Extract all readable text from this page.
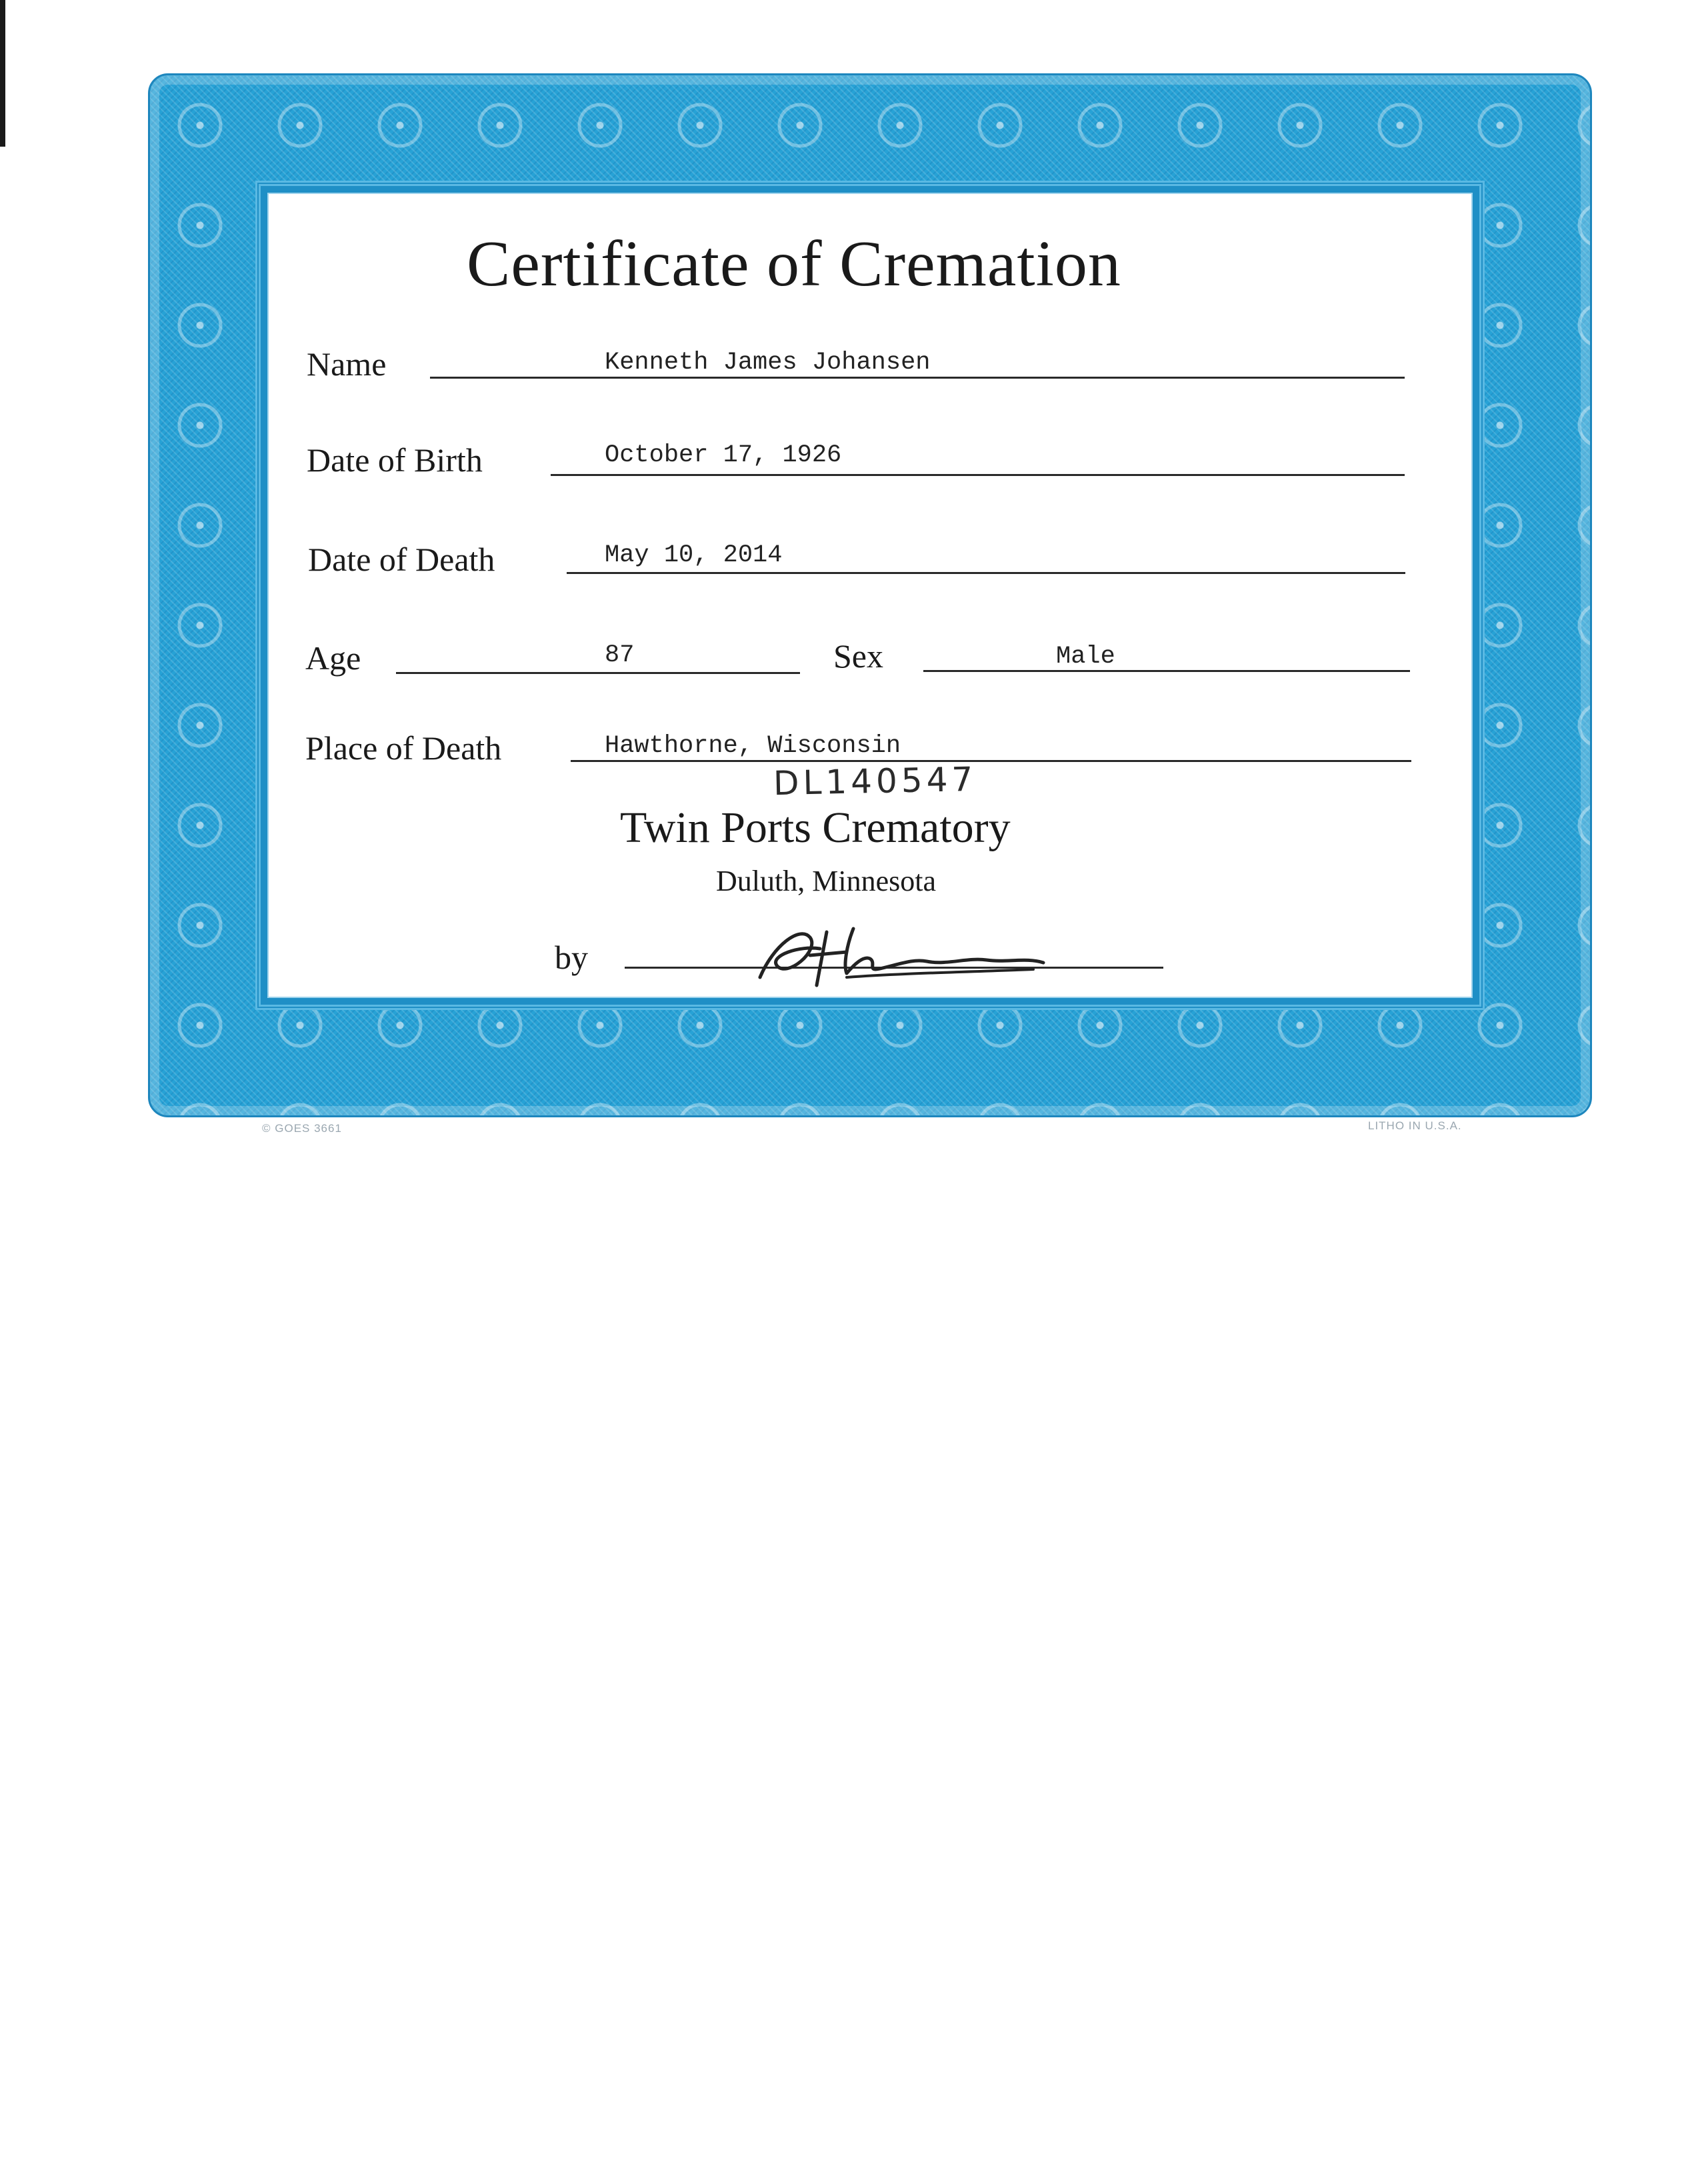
Certificate of Cremation
Name	Kenneth James Johansen
Date of Birth	October 17, 1926
Date of Death	May 10, 2014
Age	87	Sex	Male
Place of Death	Hawthorne, Wisconsin
DL140547
Twin Ports Crematory
Duluth, Minnesota
by
© GOES 3661	LITHO IN U.S.A.
